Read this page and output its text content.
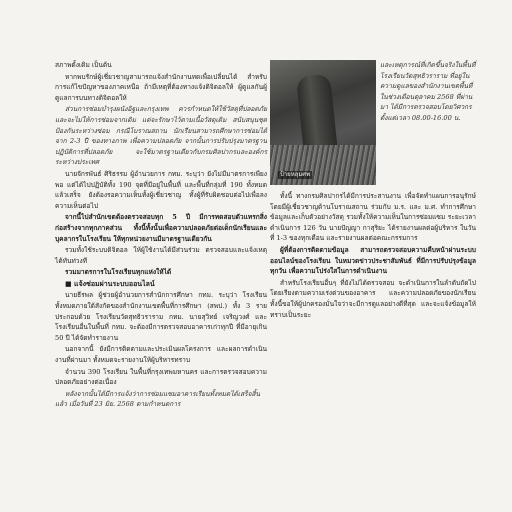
สภาพดั้งเดิม เป็นต้น

หากพบรักษ์ผู้เชี่ยวชาญสามารถแจ้งสำนักงานทดเพื่อเปลี่ยนได้ สำหรับการแก้ไขปัญหาของภาคเหนือ ถ้ามีเหตุที่ต้องทางแจ้งดิจิตอลให้ ผู้ดูแลกันผู้ดูแลการบนทางดิจิตอลให้

ส่วนการซ่อมบำรุงผนังอิฐและกรุงเทพ ควรกำหนดให้ใช้วัสดุที่ปลอดภัย และจะไม่ให้การซ่อมจากเดิม แต่จะรักษาไว้ตามเนื้อวัสดุเดิม สนับสนุนชุดป้องกันระหว่างซ่อม กรณีโบราณสถาน นักเรียนสามารถศึกษาการซ่อมได้จาก 2-3 ปี ของทางภาพ เพื่อความปลอดภัย จากนั้นการปรับปรุงมาตรฐานปฏิบัติการที่ปลอดภัย จะใช้มาตรฐานเดียวกับกรมศิลปากรและองค์กรระหว่างประเทศ

นายจักรพันธ์ ศิริธรรม ผู้อำนวยการ กทม. ระบุว่า ยังไม่มีมาตรการเพียงพอ แต่ได้ไปปฏิบัติทั้ง 190 จุดที่มีอยู่ในพื้นที่ และพื้นที่กลุ่มที่ 190 ทั้งหมดแล้วเสร็จ ยังต้องรอความเห็นทั้งผู้เชี่ยวชาญ ทั้งผู้ที่รับผิดชอบต่อไปเพื่อลงความเห็นต่อไป

จากนี้ไปสำนักเขตต้องตรวจสอบทุก 5 ปี มีการทดสอบตัวแทรกสิ่งก่อสร้างจากทุกภาคส่วน ทั้งนี้ทั้งนั้นเพื่อความปลอดภัยต่อเด็กนักเรียนและบุคลากรในโรงเรียน ให้ทุกหน่วยงานมีมาตรฐานเดียวกัน

รวมทั้งใช้ระบบดิจิตอล ให้ผู้ใช้งานได้มีส่วนร่วม ตรวจสอบและแจ้งเหตุได้ทันท่วงที

รวมมาตรการในโรงเรียนทุกแห่งให้ได้

■ แจ้งซ่อมผ่านระบบออนไลน์

นายธีรพล ผู้ช่วยผู้อำนวยการสำนักการศึกษา กทม. ระบุว่า โรงเรียนทั้งหมดภายใต้สังกัดของสำนักงานเขตพื้นที่การศึกษา (สพป.) ทั้ง 3 ราย ประกอบด้วย โรงเรียนวัดสุทธิวราราม กทม. นายสุวิทย์ เจริญวงศ์ และโรงเรียนอื่นในพื้นที่ กทม. จะต้องมีการตรวจสอบอาคารเก่าทุกปี ที่มีอายุเกิน 50 ปี ได้จัดทำรายงาน

นอกจากนี้ ยังมีการติดตามและประเมินผลโครงการ และผลการดำเนินงานที่ผ่านมา ทั้งหมดจะรายงานให้ผู้บริหารทราบ

จำนวน 390 โรงเรียน ในพื้นที่กรุงเทพมหานคร และการตรวจสอบความปลอดภัยอย่างต่อเนื่อง

หลังจากนั้นได้มีการแจ้งว่าการซ่อมแซมอาคารเรียนทั้งหมดได้เสร็จสิ้นแล้ว เมื่อวันที่ 23 มิย. 2568 ตามกำหนดการ

ป้ายหลุมศพ

และเหตุการณ์ที่เกิดขึ้นจริงในพื้นที่โรงเรียนวัดสุทธิวราราม ที่อยู่ในความดูแลของสำนักงานเขตพื้นที่ ในช่วงเดือนตุลาคม 2568 ที่ผ่านมา ได้มีการตรวจสอบโดยวิศวกร ตั้งแต่เวลา 08.00-16.00 น.

ทั้งนี้ ทางกรมศิลปากรได้มีการประสานงาน เพื่อจัดทำแผนการอนุรักษ์ โดยมีผู้เชี่ยวชาญด้านโบราณสถาน ร่วมกับ ม.ร. และ ม.ศ. ทำการศึกษาข้อมูลและเก็บตัวอย่างวัสดุ รวมทั้งให้ความเห็นในการซ่อมแซม ระยะเวลาดำเนินการ 126 วัน นายปัญญา กาสุริยะ ได้รายงานผลต่อผู้บริหาร ในวันที่ 1-3 ของทุกเดือน และรายงานผลต่อคณะกรรมการ

ผู้ที่ต้องการติดตามข้อมูล สามารถตรวจสอบความคืบหน้าผ่านระบบออนไลน์ของโรงเรียน ในหมวดข่าวประชาสัมพันธ์ ที่มีการปรับปรุงข้อมูลทุกวัน เพื่อความโปร่งใสในการดำเนินงาน

สำหรับโรงเรียนอื่นๆ ที่ยังไม่ได้ตรวจสอบ จะดำเนินการในลำดับถัดไป โดยเรียงตามความเร่งด่วนของอาคาร และความปลอดภัยของนักเรียน ทั้งนี้ขอให้ผู้ปกครองมั่นใจว่าจะมีการดูแลอย่างดีที่สุด และจะแจ้งข้อมูลให้ทราบเป็นระยะ
